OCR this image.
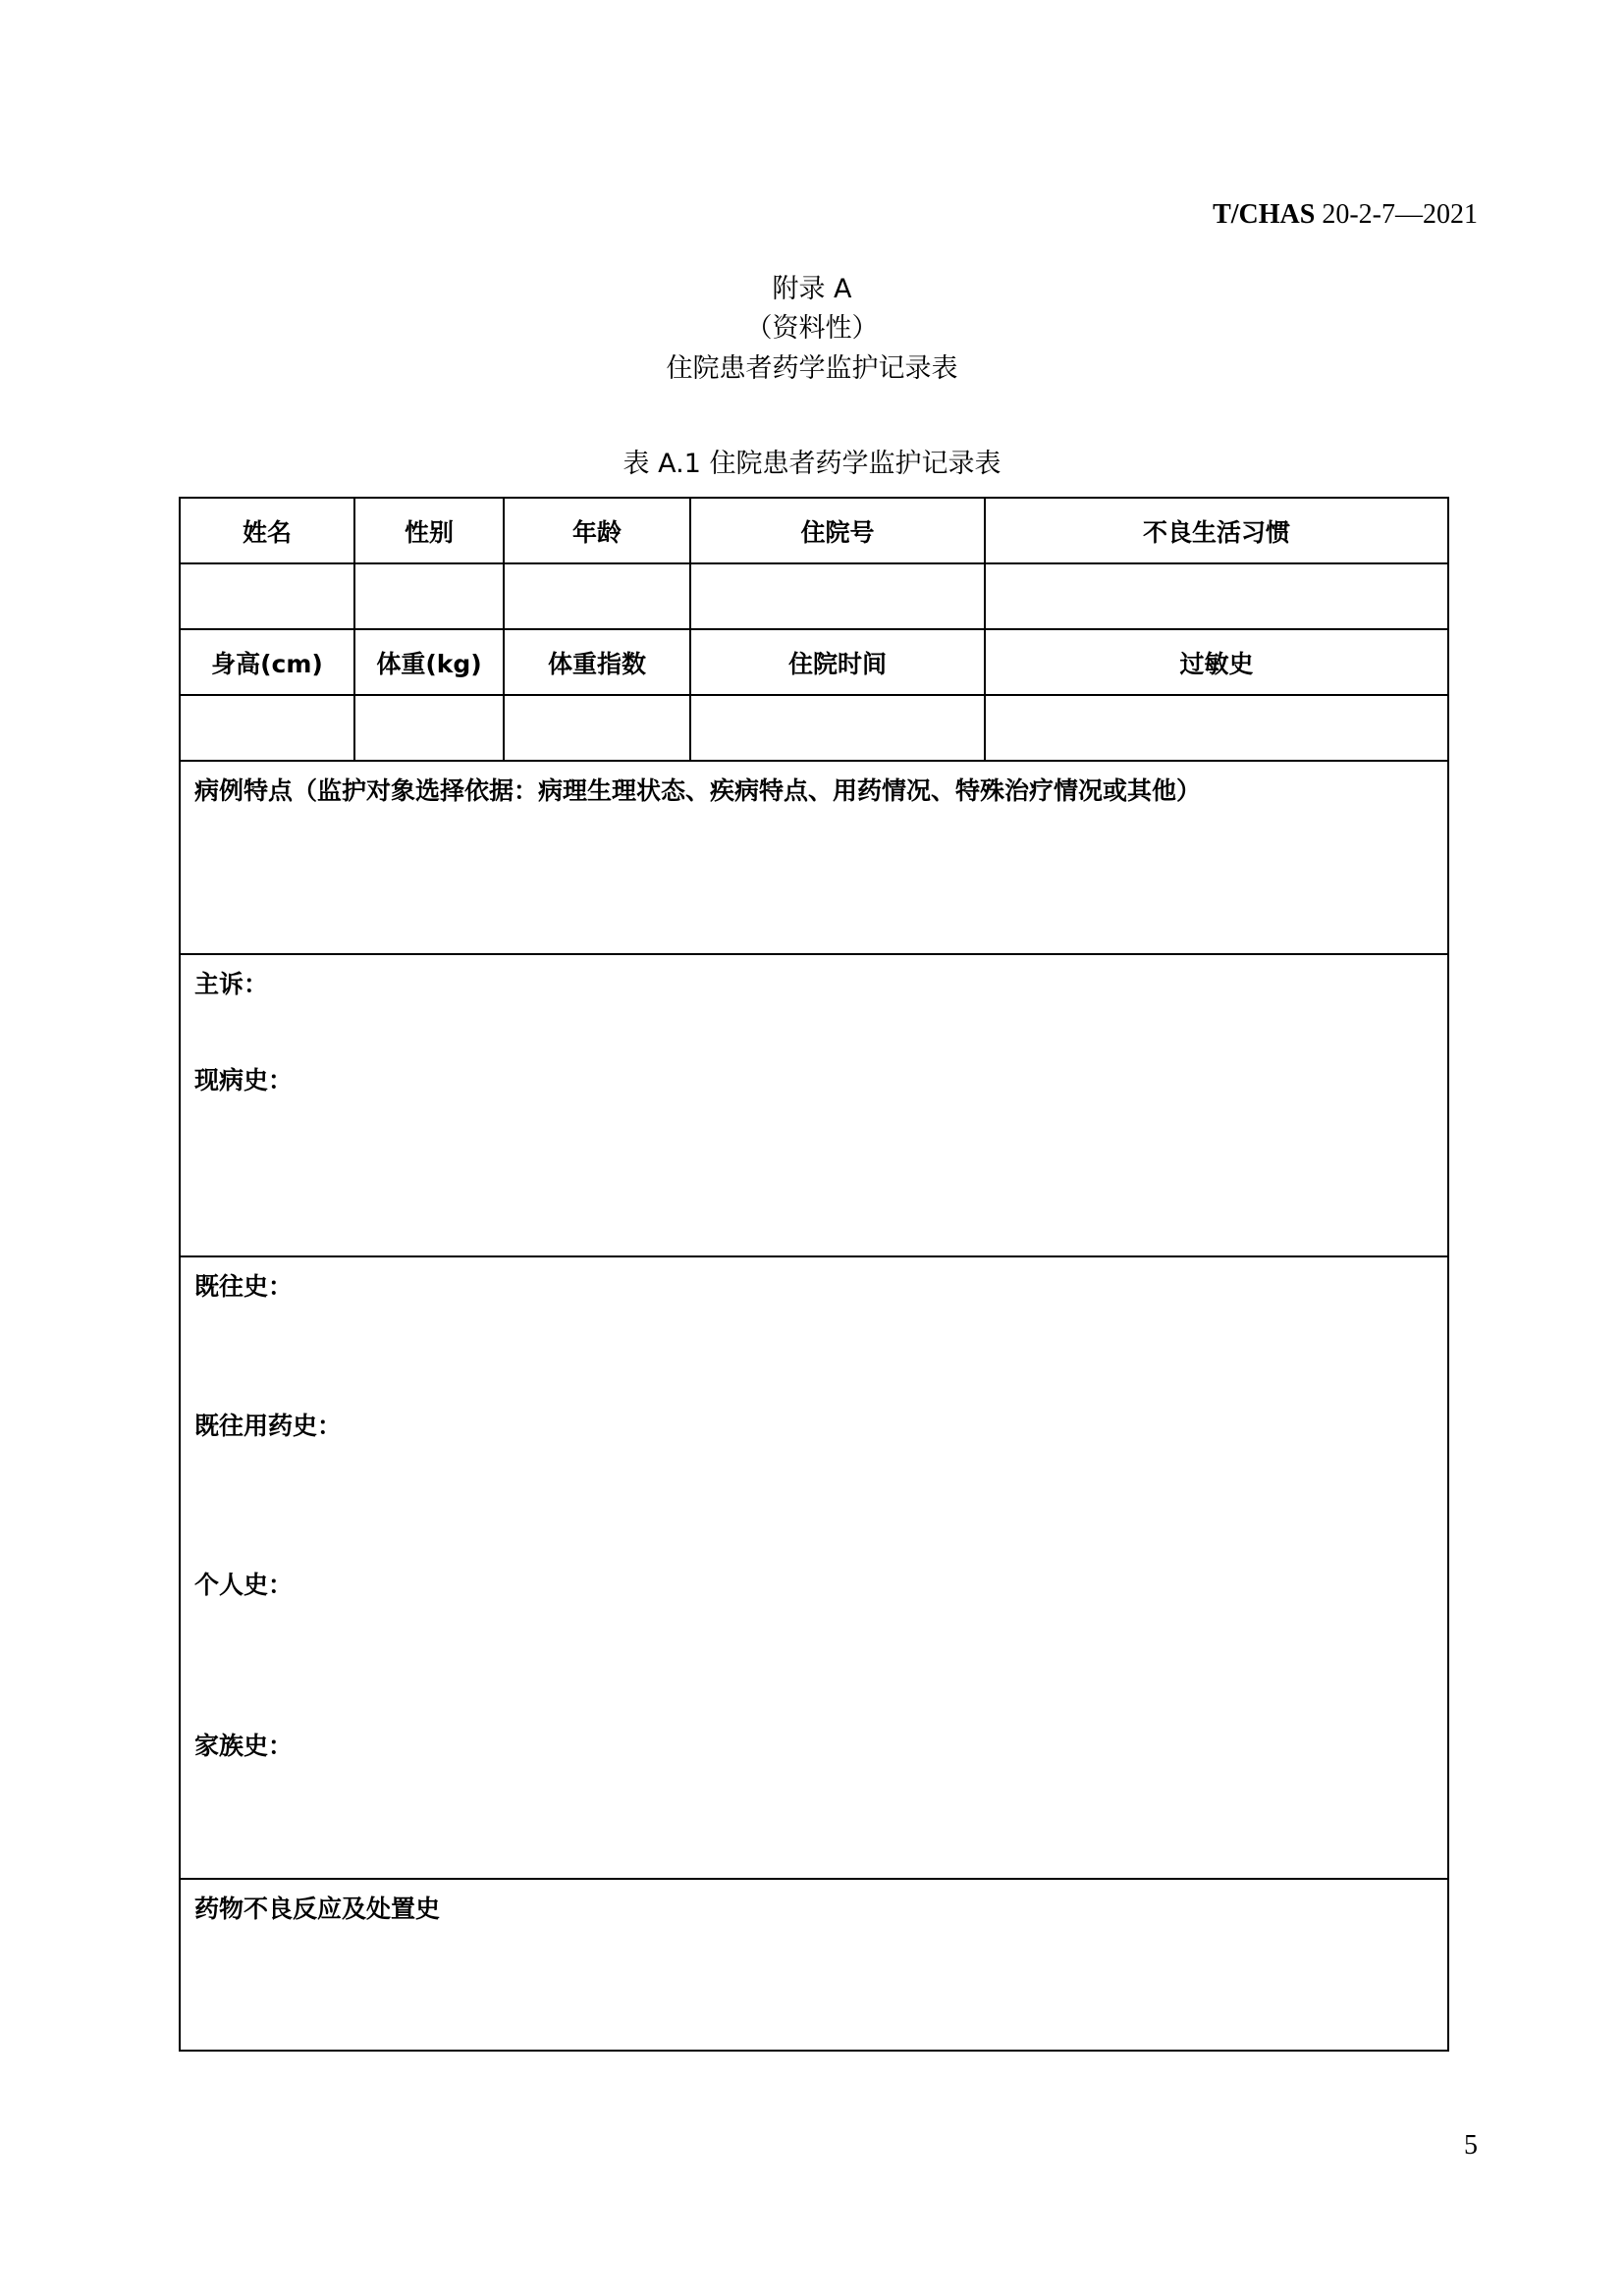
T/CHAS 20-2-7—2021
附录 A
（资料性）
住院患者药学监护记录表
表 A.1 住院患者药学监护记录表
姓名	性别	年龄	住院号	不良生活习惯

身高(cm)	体重(kg)	体重指数	住院时间	过敏史

病例特点（监护对象选择依据：病理生理状态、疾病特点、用药情况、特殊治疗情况或其他）				

主诉：
现病史：				

既往史：
既往用药史：
个人史：
家族史：				

药物不良反应及处置史				
5
